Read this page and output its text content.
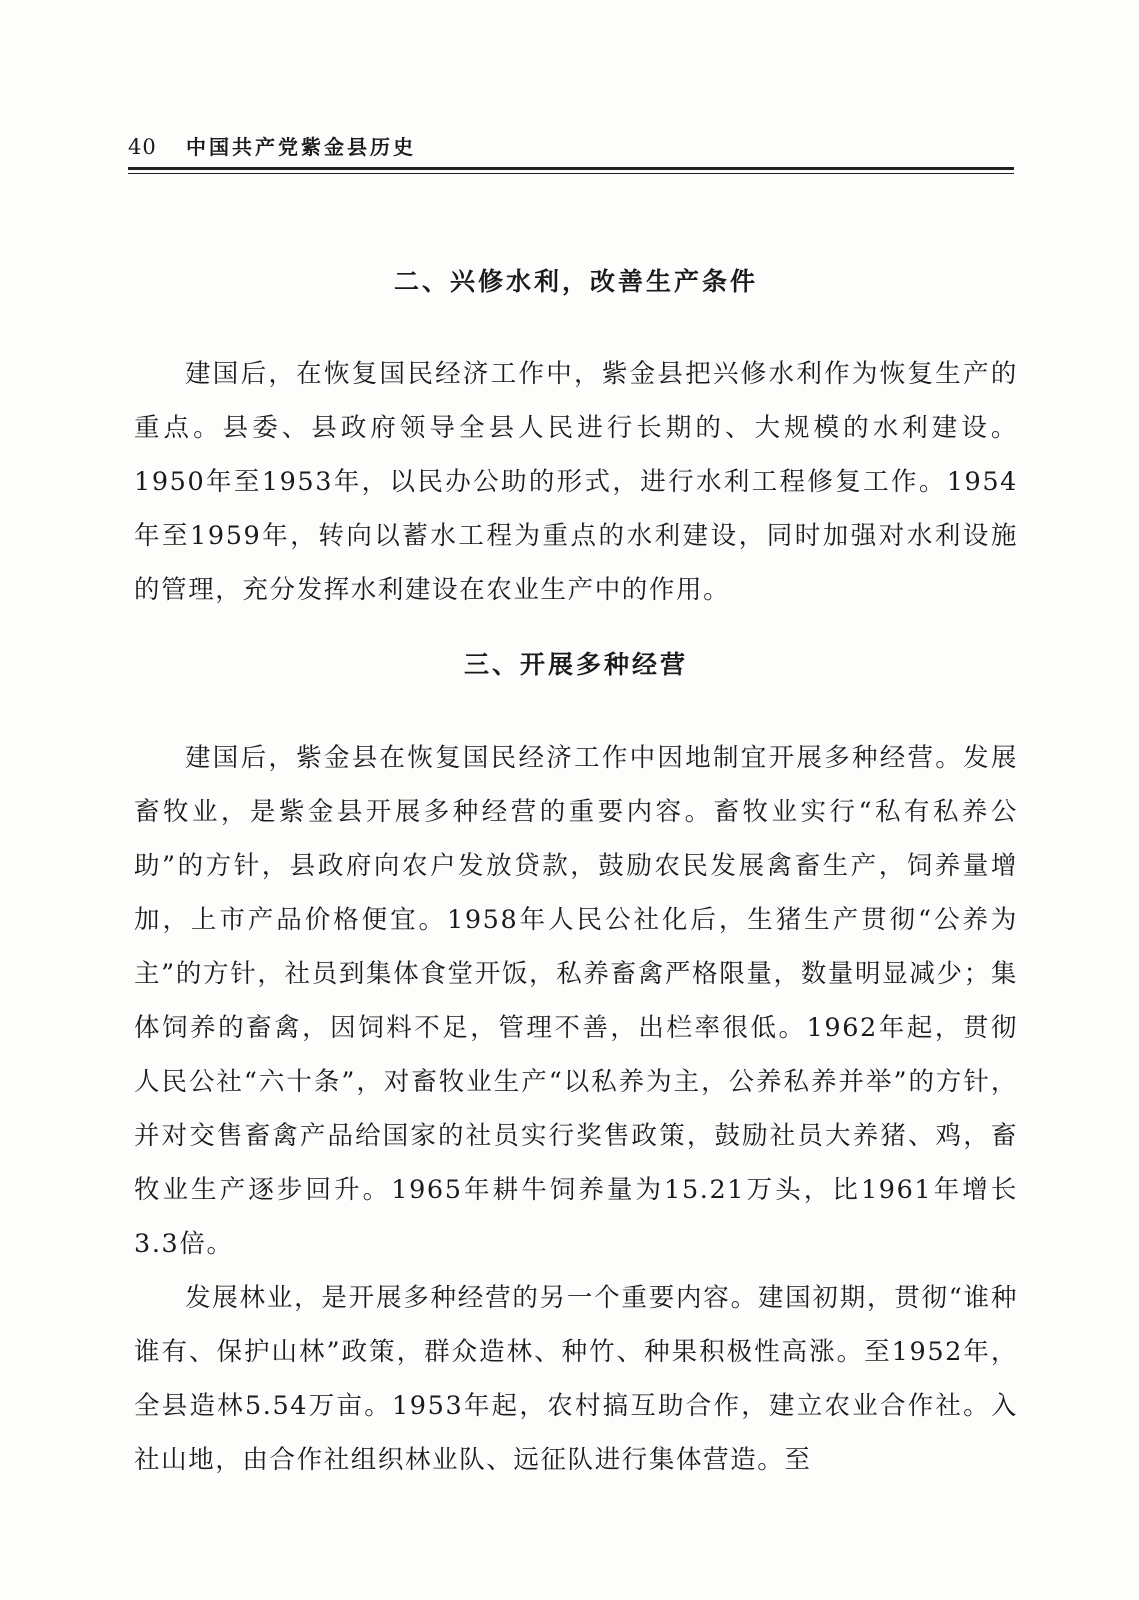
40 中国共产党紫金县历史
二、兴修水利，改善生产条件

建国后，在恢复国民经济工作中，紫金县把兴修水利作为恢复生产的重点。县委、县政府领导全县人民进行长期的、大规模的水利建设。1950年至1953年，以民办公助的形式，进行水利工程修复工作。1954年至1959年，转向以蓄水工程为重点的水利建设，同时加强对水利设施的管理，充分发挥水利建设在农业生产中的作用。

三、开展多种经营

建国后，紫金县在恢复国民经济工作中因地制宜开展多种经营。发展畜牧业，是紫金县开展多种经营的重要内容。畜牧业实行“私有私养公助”的方针，县政府向农户发放贷款，鼓励农民发展禽畜生产，饲养量增加，上市产品价格便宜。1958年人民公社化后，生猪生产贯彻“公养为主”的方针，社员到集体食堂开饭，私养畜禽严格限量，数量明显减少；集体饲养的畜禽，因饲料不足，管理不善，出栏率很低。1962年起，贯彻人民公社“六十条”，对畜牧业生产“以私养为主，公养私养并举”的方针，并对交售畜禽产品给国家的社员实行奖售政策，鼓励社员大养猪、鸡，畜牧业生产逐步回升。1965年耕牛饲养量为15.21万头，比1961年增长3.3倍。

发展林业，是开展多种经营的另一个重要内容。建国初期，贯彻“谁种谁有、保护山林”政策，群众造林、种竹、种果积极性高涨。至1952年，全县造林5.54万亩。1953年起，农村搞互助合作，建立农业合作社。入社山地，由合作社组织林业队、远征队进行集体营造。至
